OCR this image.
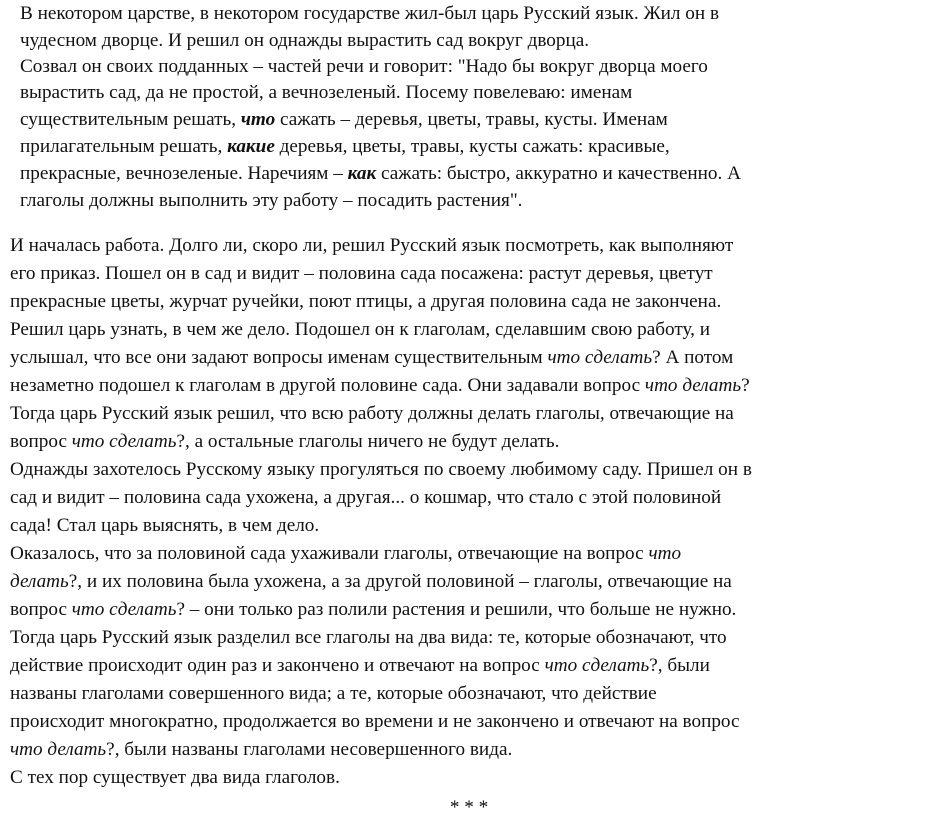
В некотором царстве, в некотором государстве жил-был царь Русский язык. Жил он в
чудесном дворце. И решил он однажды вырастить сад вокруг дворца.
Созвал он своих подданных – частей речи и говорит: "Надо бы вокруг дворца моего
вырастить сад, да не простой, а вечнозеленый. Посему повелеваю: именам
существительным решать, что сажать – деревья, цветы, травы, кусты. Именам
прилагательным решать, какие деревья, цветы, травы, кусты сажать: красивые,
прекрасные, вечнозеленые. Наречиям – как сажать: быстро, аккуратно и качественно. А
глаголы должны выполнить эту работу – посадить растения".
И началась работа. Долго ли, скоро ли, решил Русский язык посмотреть, как выполняют
его приказ. Пошел он в сад и видит – половина сада посажена: растут деревья, цветут
прекрасные цветы, журчат ручейки, поют птицы, а другая половина сада не закончена.
Решил царь узнать, в чем же дело. Подошел он к глаголам, сделавшим свою работу, и
услышал, что все они задают вопросы именам существительным что сделать? А потом
незаметно подошел к глаголам в другой половине сада. Они задавали вопрос что делать?
Тогда царь Русский язык решил, что всю работу должны делать глаголы, отвечающие на
вопрос что сделать?, а остальные глаголы ничего не будут делать.
Однажды захотелось Русскому языку прогуляться по своему любимому саду. Пришел он в
сад и видит – половина сада ухожена, а другая... о кошмар, что стало с этой половиной
сада! Стал царь выяснять, в чем дело.
Оказалось, что за половиной сада ухаживали глаголы, отвечающие на вопрос что
делать?, и их половина была ухожена, а за другой половиной – глаголы, отвечающие на
вопрос что сделать? – они только раз полили растения и решили, что больше не нужно.
Тогда царь Русский язык разделил все глаголы на два вида: те, которые обозначают, что
действие происходит один раз и закончено и отвечают на вопрос что сделать?, были
названы глаголами совершенного вида; а те, которые обозначают, что действие
происходит многократно, продолжается во времени и не закончено и отвечают на вопрос
что делать?, были названы глаголами несовершенного вида.
С тех пор существует два вида глаголов.
* * *
